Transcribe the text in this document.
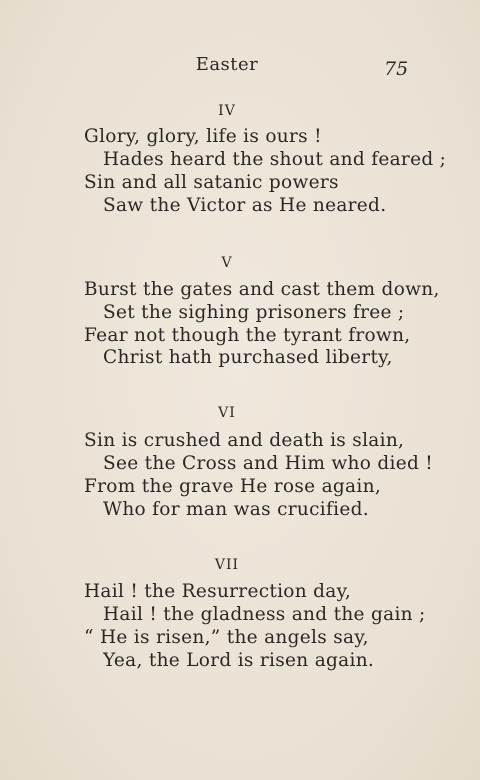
Easter	75
IV
Glory, glory, life is ours !
Hades heard the shout and feared ;
Sin and all satanic powers
Saw the Victor as He neared.
V
Burst the gates and cast them down,
Set the sighing prisoners free ;
Fear not though the tyrant frown,
Christ hath purchased liberty,
VI
Sin is crushed and death is slain,
See the Cross and Him who died !
From the grave He rose again,
Who for man was crucified.
VII
Hail ! the Resurrection day,
Hail ! the gladness and the gain ;
“ He is risen,” the angels say,
Yea, the Lord is risen again.
